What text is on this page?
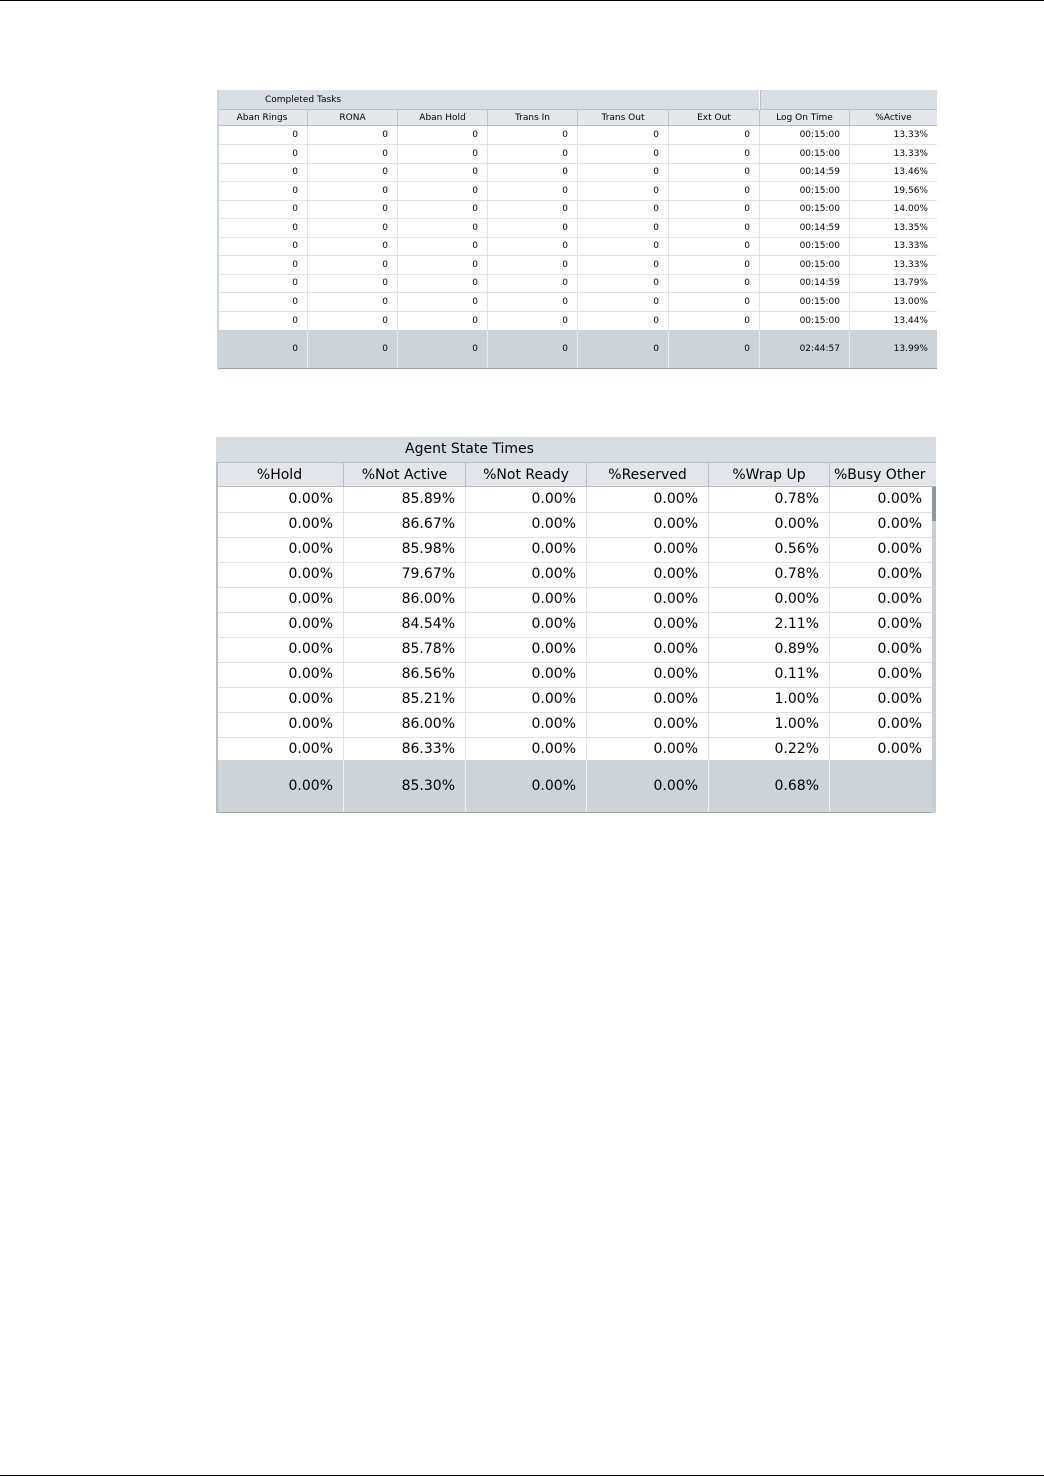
Completed Tasks
Aban Rings	RONA	Aban Hold	Trans In	Trans Out	Ext Out	Log On Time	%Active
0	0	0	0	0	0	00:15:00	13.33%
0	0	0	0	0	0	00:15:00	13.33%
0	0	0	0	0	0	00:14:59	13.46%
0	0	0	0	0	0	00:15:00	19.56%
0	0	0	0	0	0	00:15:00	14.00%
0	0	0	0	0	0	00:14:59	13.35%
0	0	0	0	0	0	00:15:00	13.33%
0	0	0	0	0	0	00:15:00	13.33%
0	0	0	0	0	0	00:14:59	13.79%
0	0	0	0	0	0	00:15:00	13.00%
0	0	0	0	0	0	00:15:00	13.44%
0	0	0	0	0	0	02:44:57	13.99%
Agent State Times
%Hold	%Not Active	%Not Ready	%Reserved	%Wrap Up	%Busy Other
0.00%	85.89%	0.00%	0.00%	0.78%	0.00%
0.00%	86.67%	0.00%	0.00%	0.00%	0.00%
0.00%	85.98%	0.00%	0.00%	0.56%	0.00%
0.00%	79.67%	0.00%	0.00%	0.78%	0.00%
0.00%	86.00%	0.00%	0.00%	0.00%	0.00%
0.00%	84.54%	0.00%	0.00%	2.11%	0.00%
0.00%	85.78%	0.00%	0.00%	0.89%	0.00%
0.00%	86.56%	0.00%	0.00%	0.11%	0.00%
0.00%	85.21%	0.00%	0.00%	1.00%	0.00%
0.00%	86.00%	0.00%	0.00%	1.00%	0.00%
0.00%	86.33%	0.00%	0.00%	0.22%	0.00%
0.00%	85.30%	0.00%	0.00%	0.68%
